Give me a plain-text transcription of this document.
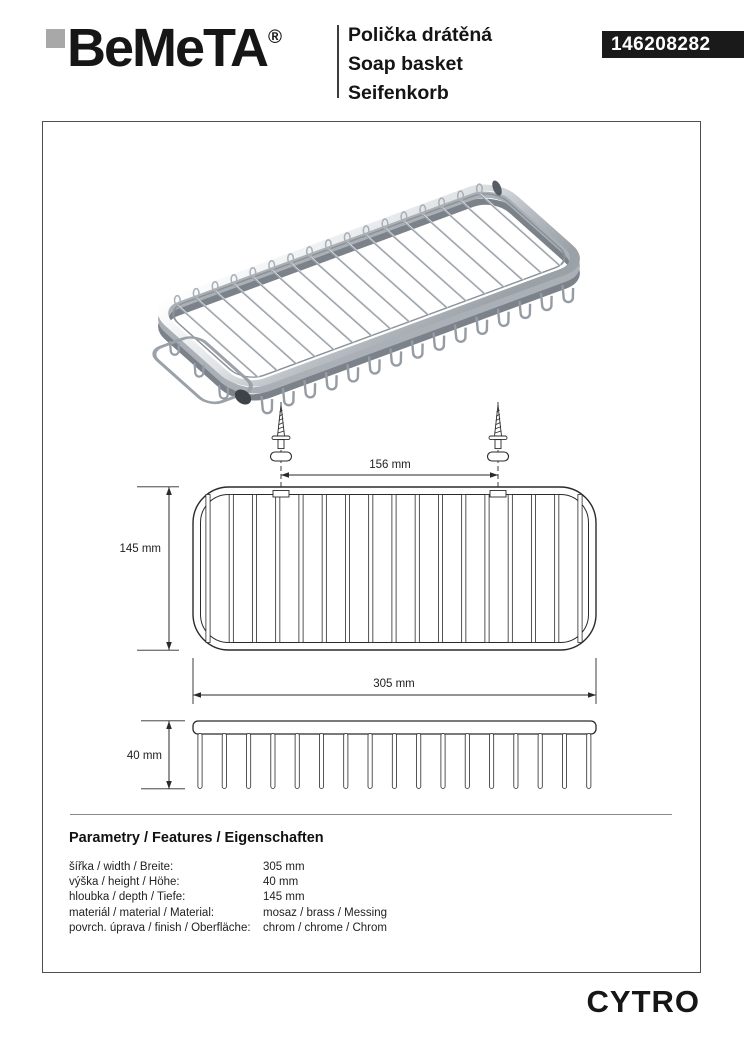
BeMeTA ®	Polička drátěná
Soap basket
Seifenkorb
146208282
156 mm
145 mm
305 mm
40 mm
Parametry / Features / Eigenschaften
šířka / width / Breite:	305 mm
výška / height / Höhe:	40 mm
hloubka / depth / Tiefe:	145 mm
materiál / material / Material:	mosaz / brass / Messing
povrch. úprava / finish / Oberfläche: chrom / chrome / Chrom
CYTRO
